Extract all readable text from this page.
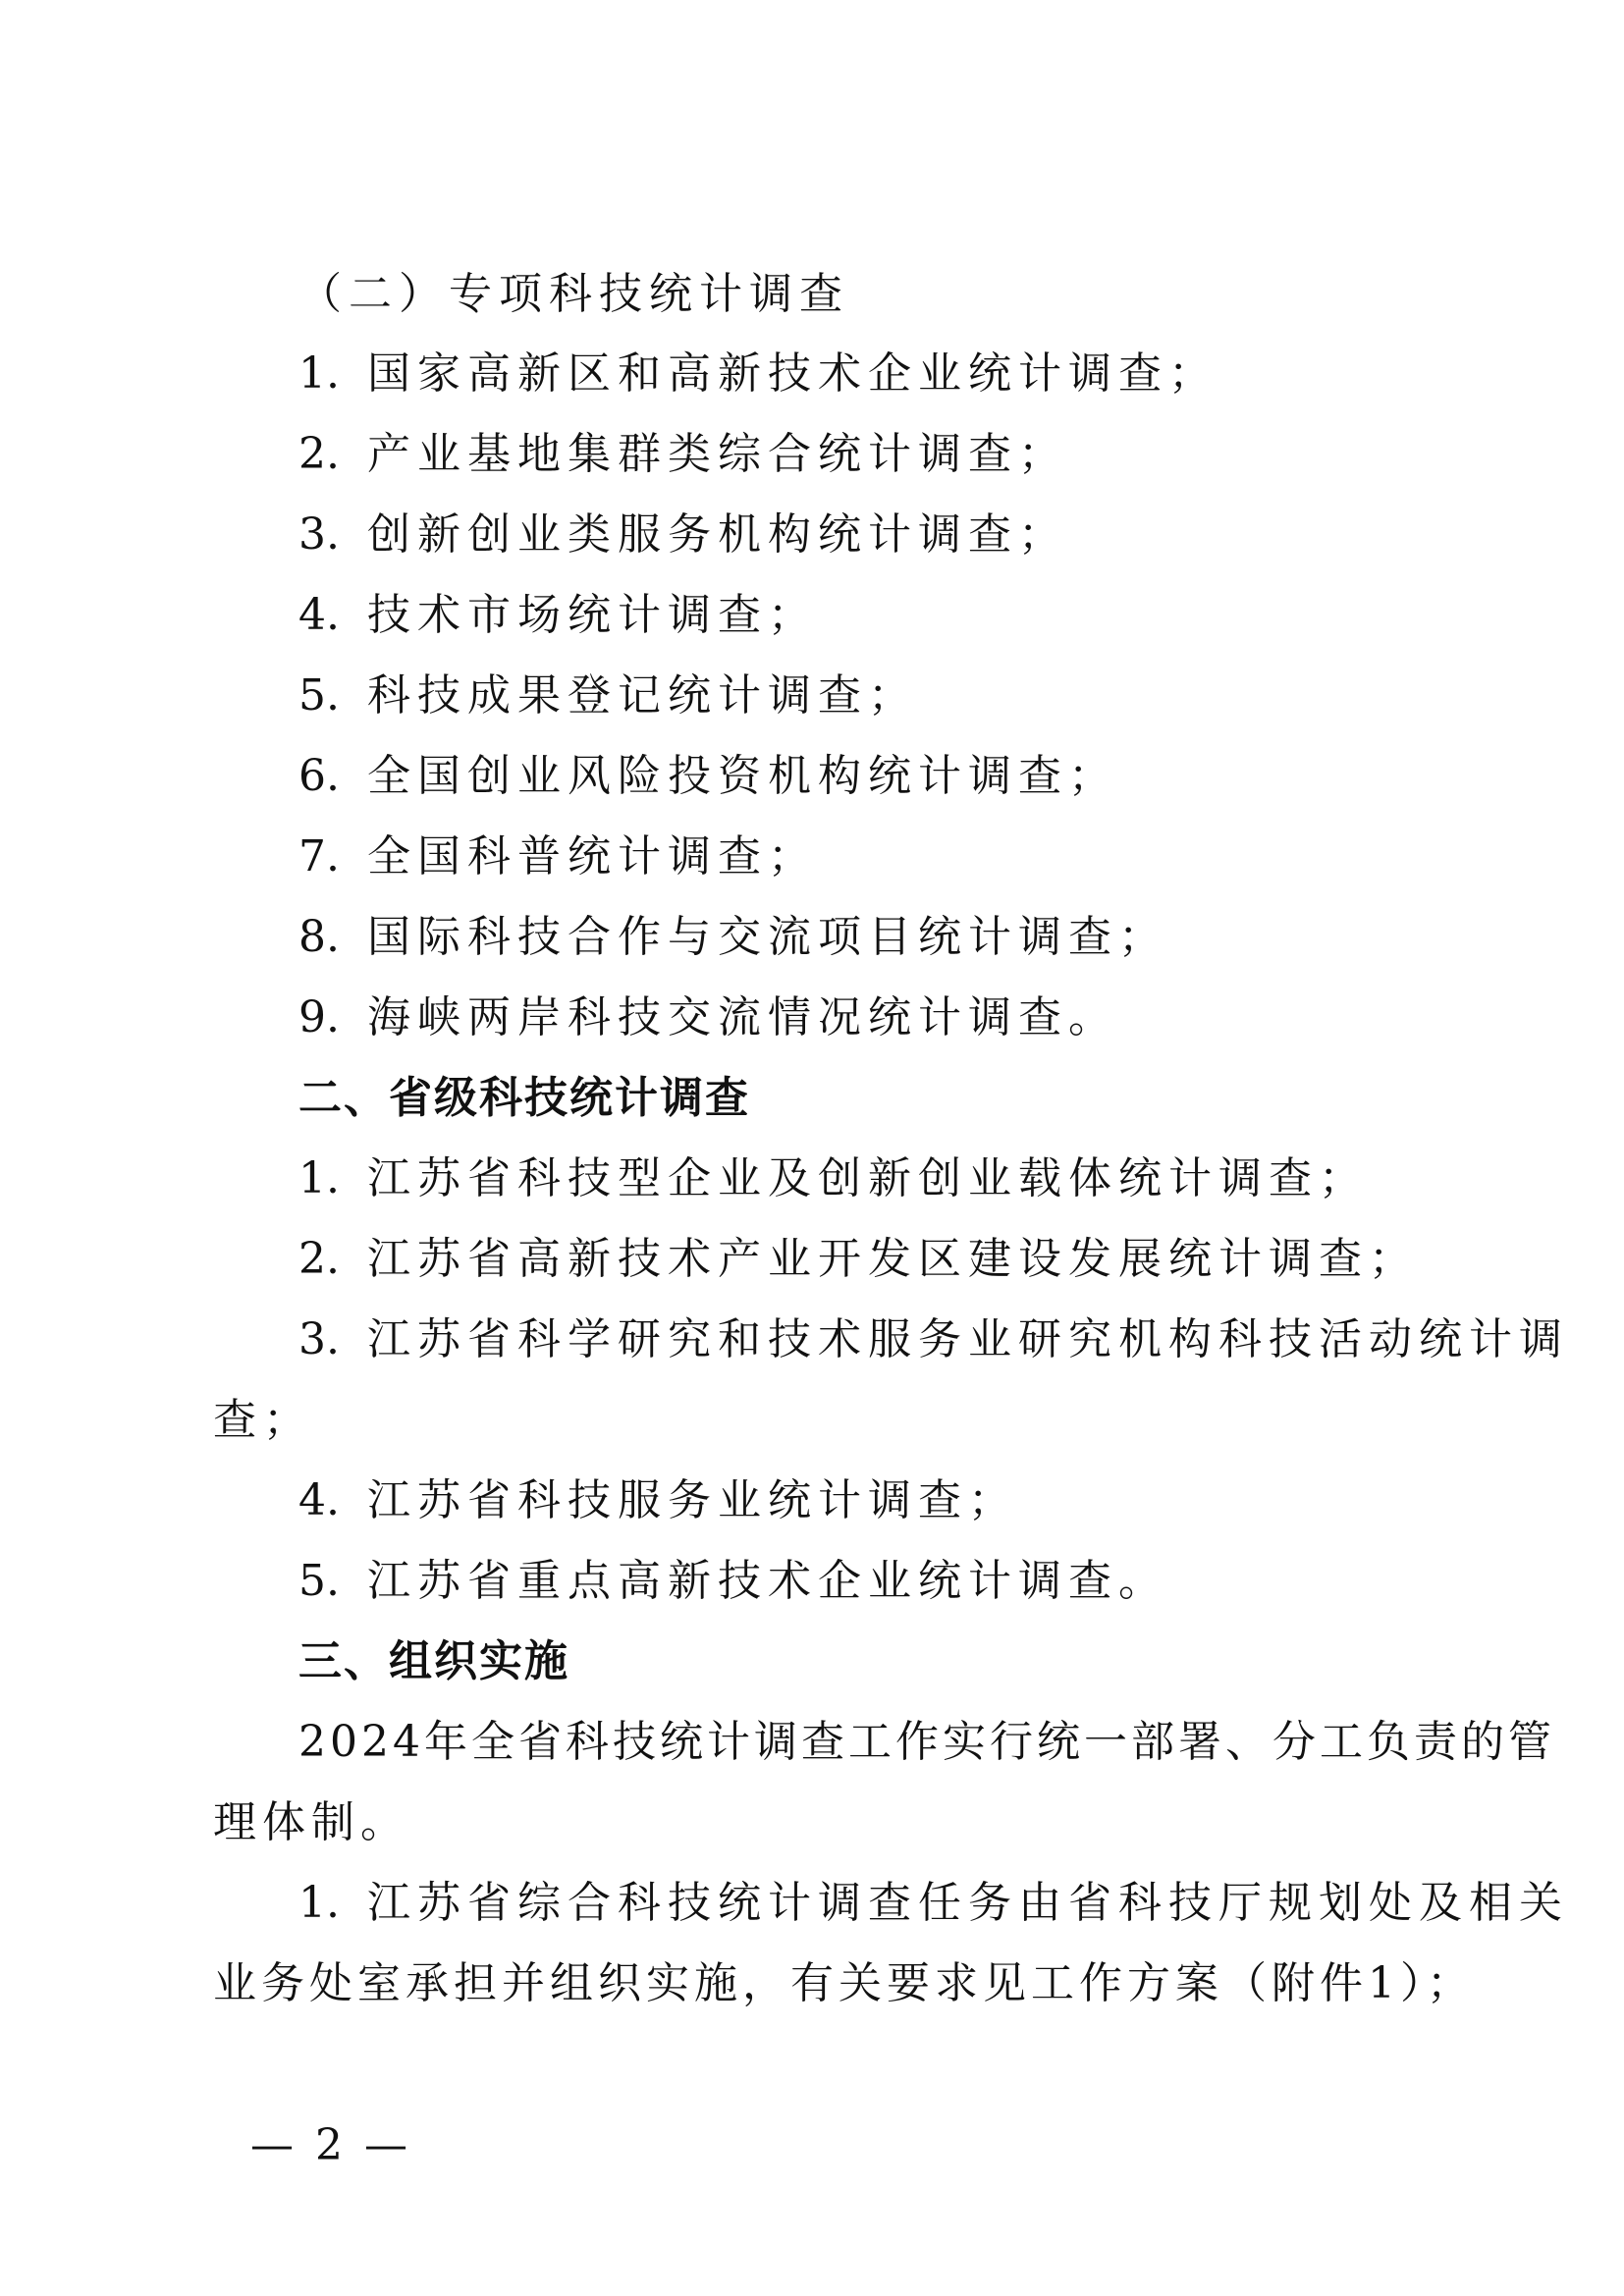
（二）专项科技统计调查
1. 国家高新区和高新技术企业统计调查；
2. 产业基地集群类综合统计调查；
3. 创新创业类服务机构统计调查；
4. 技术市场统计调查；
5. 科技成果登记统计调查；
6. 全国创业风险投资机构统计调查；
7. 全国科普统计调查；
8. 国际科技合作与交流项目统计调查；
9. 海峡两岸科技交流情况统计调查。
二、省级科技统计调查
1. 江苏省科技型企业及创新创业载体统计调查；
2. 江苏省高新技术产业开发区建设发展统计调查；
3. 江苏省科学研究和技术服务业研究机构科技活动统计调
查；
4. 江苏省科技服务业统计调查；
5. 江苏省重点高新技术企业统计调查。
三、组织实施
2024年全省科技统计调查工作实行统一部署、分工负责的管
理体制。
1. 江苏省综合科技统计调查任务由省科技厅规划处及相关
业务处室承担并组织实施，有关要求见工作方案（附件1）；
— 2 —
